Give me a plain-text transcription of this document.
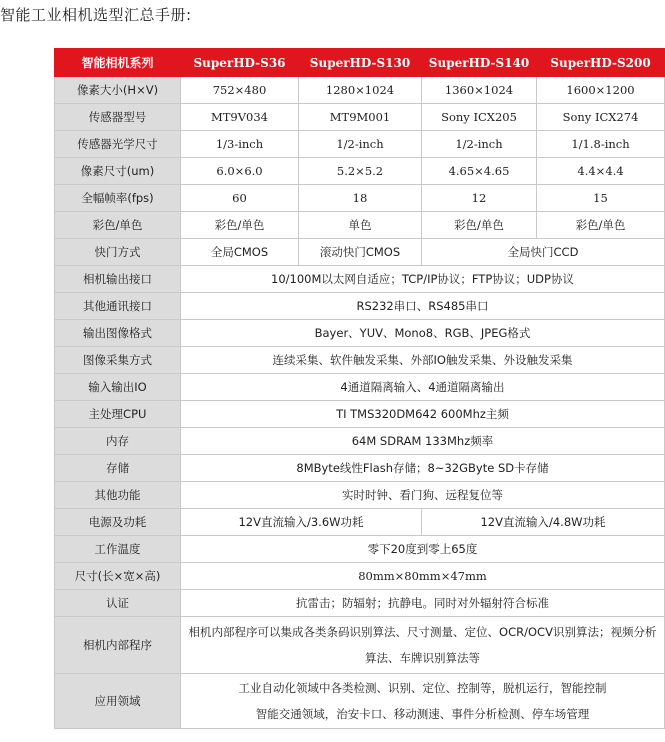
智能工业相机选型汇总手册:
智能相机系列	SuperHD-S36	SuperHD-S130	SuperHD-S140	SuperHD-S200
像素大小(H×V)	752×480	1280×1024	1360×1024	1600×1200
传感器型号	MT9V034	MT9M001	Sony ICX205	Sony ICX274
传感器光学尺寸	1/3-inch	1/2-inch	1/2-inch	1/1.8-inch
像素尺寸(um)	6.0×6.0	5.2×5.2	4.65×4.65	4.4×4.4
全幅帧率(fps)	60	18	12	15
彩色/单色	彩色/单色	单色	彩色/单色	彩色/单色
快门方式	全局CMOS	滚动快门CMOS	全局快门CCD	
相机输出接口	10/100M以太网自适应；TCP/IP协议；FTP协议；UDP协议			
其他通讯接口	RS232串口、RS485串口			
输出图像格式	Bayer、YUV、Mono8、RGB、JPEG格式			
图像采集方式	连续采集、软件触发采集、外部IO触发采集、外设触发采集			
输入输出IO	4通道隔离输入、4通道隔离输出			
主处理CPU	TI TMS320DM642 600Mhz主频			
内存	64M SDRAM 133Mhz频率			
存储	8MByte线性Flash存储；8~32GByte SD卡存储			
其他功能	实时时钟、看门狗、远程复位等			
电源及功耗	12V直流输入/3.6W功耗		12V直流输入/4.8W功耗	
工作温度	零下20度到零上65度			
尺寸(长×宽×高)	80mm×80mm×47mm			
认证	抗雷击；防辐射；抗静电。同时对外辐射符合标准			
相机内部程序	相机内部程序可以集成各类条码识别算法、尺寸测量、定位、OCR/OCV识别算法；视频分析算法、车牌识别算法等			
应用领域	工业自动化领域中各类检测、识别、定位、控制等，脱机运行，智能控制
智能交通领域，治安卡口、移动测速、事件分析检测、停车场管理			
